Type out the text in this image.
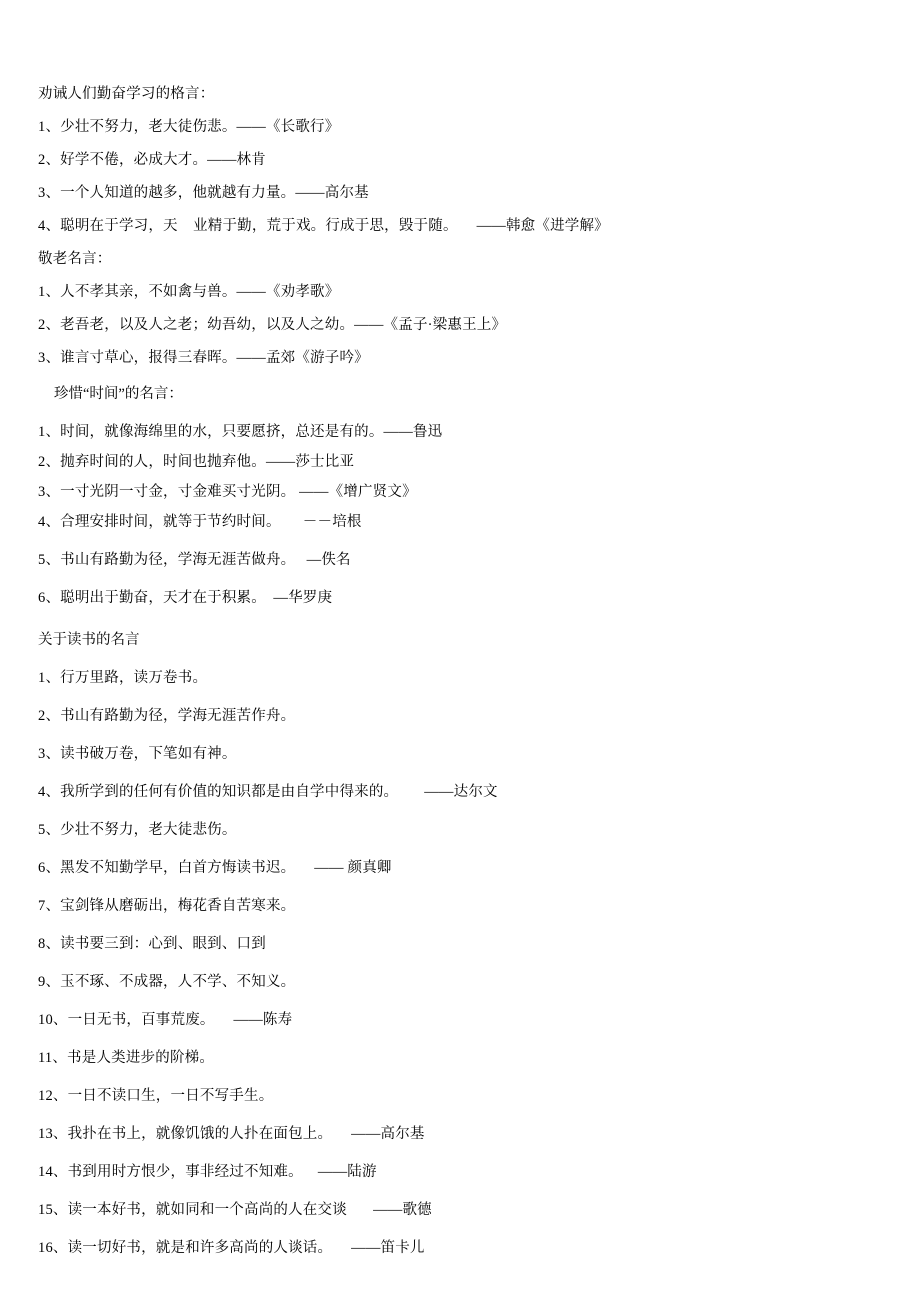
劝诫人们勤奋学习的格言：
1、少壮不努力，老大徒伤悲。——《长歌行》
2、好学不倦，必成大才。——林肯
3、一个人知道的越多，他就越有力量。——高尔基
4、聪明在于学习，天    业精于勤，荒于戏。行成于思，毁于随。　   ——韩愈《进学解》
敬老名言：
1、人不孝其亲，不如禽与兽。——《劝孝歌》
2、老吾老，以及人之老；幼吾幼，以及人之幼。——《孟子·梁惠王上》
3、谁言寸草心，报得三春晖。——孟郊《游子吟》
珍惜“时间”的名言：
1、时间，就像海绵里的水，只要愿挤，总还是有的。——鲁迅
2、抛弃时间的人，时间也抛弃他。——莎士比亚
3、一寸光阴一寸金，寸金难买寸光阴。 ——《增广贤文》
4、合理安排时间，就等于节约时间。　　－－培根
5、书山有路勤为径，学海无涯苦做舟。　 —佚名
6、聪明出于勤奋，天才在于积累。　—华罗庚
关于读书的名言
1、行万里路，读万卷书。
2、书山有路勤为径，学海无涯苦作舟。
3、读书破万卷，下笔如有神。
4、我所学到的任何有价值的知识都是由自学中得来的。　　 ——达尔文
5、少壮不努力，老大徒悲伤。
6、黑发不知勤学早，白首方悔读书迟。　   —— 颜真卿
7、宝剑锋从磨砺出，梅花香自苦寒来。
8、读书要三到：心到、眼到、口到
9、玉不琢、不成器，人不学、不知义。
10、一日无书，百事荒废。　   ——陈寿
11、书是人类进步的阶梯。
12、一日不读口生，一日不写手生。
13、我扑在书上，就像饥饿的人扑在面包上。　   ——高尔基
14、书到用时方恨少，事非经过不知难。　  ——陆游
15、读一本好书，就如同和一个高尚的人在交谈　   ——歌德
16、读一切好书，就是和许多高尚的人谈话。　   ——笛卡儿
